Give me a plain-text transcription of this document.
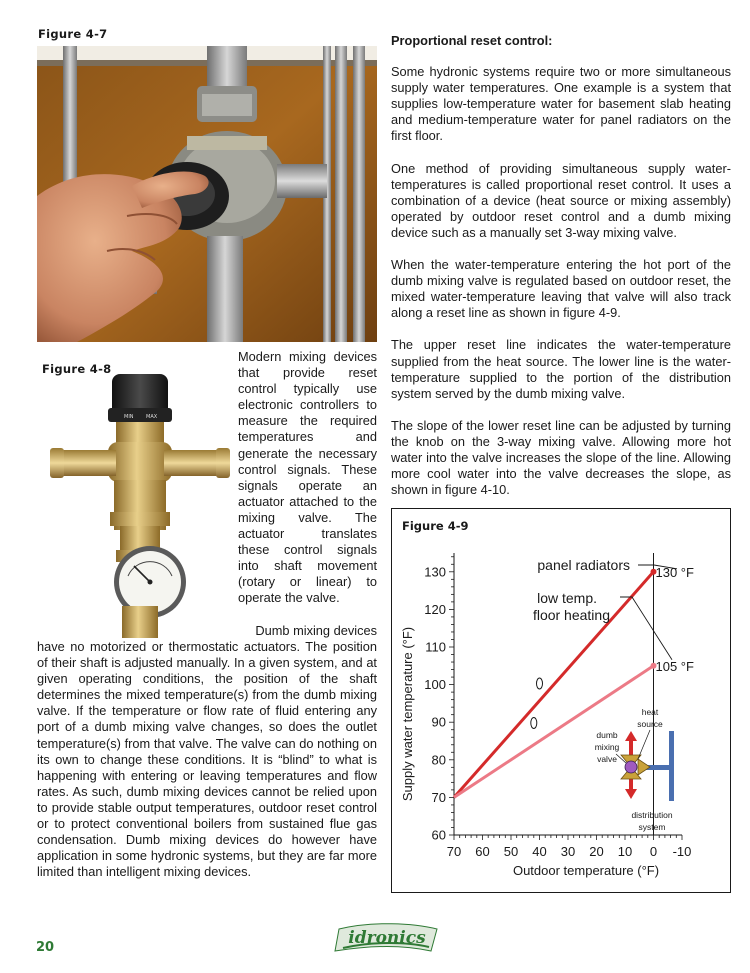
Figure 4-7
Figure 4-8
MIN MAX
Modern mixing devices that provide reset control typically use electronic controllers to measure the required temperatures and generate the necessary control signals. These signals operate an actuator attached to the mixing valve. The actuator translates these control signals into shaft movement (rotary or linear) to operate the valve.
Dumb mixing devices
have no motorized or thermostatic actuators. The position of their shaft is adjusted manually. In a given system, and at given operating conditions, the position of the shaft determines the mixed temperature(s) from the dumb mixing valve. If the temperature or flow rate of fluid entering any port of a dumb mixing valve changes, so does the outlet temperature(s) from that valve. The valve can do nothing on its own to change these conditions. It is “blind” to what is happening with entering or leaving temperatures and flow rates. As such, dumb mixing devices cannot be relied upon to provide stable output temperatures, outdoor reset control or to protect conventional boilers from sustained flue gas condensation. Dumb mixing devices do however have application in some hydronic systems, but they are far more limited than intelligent mixing devices.

Proportional reset control:

Some hydronic systems require two or more simultaneous supply water temperatures. One example is a system that supplies low-temperature water for basement slab heating and medium-temperature water for panel radiators on the first floor.

One method of providing simultaneous supply water-temperatures is called proportional reset control. It uses a combination of a device (heat source or mixing assembly) operated by outdoor reset control and a dumb mixing device such as a manually set 3-way mixing valve.

When the water-temperature entering the hot port of the dumb mixing valve is regulated based on outdoor reset, the mixed water-temperature leaving that valve will also track along a reset line as shown in figure 4-9.

The upper reset line indicates the water-temperature supplied from the heat source. The lower line is the water-temperature supplied to the portion of the distribution system served by the dumb mixing valve.

The slope of the lower reset line can be adjusted by turning the knob on the 3-way mixing valve. Allowing more hot water into the valve increases the slope of the line. Allowing more cool water into the valve decreases the slope, as shown in figure 4-10.

Figure 4-9
60
70
80
90
100
110
120
130
70 60 50 40 30 20 10 0 -10
Outdoor temperature (°F)
Supply water temperature (°F)
130 °F
105 °F
panel radiators
low temp.
floor heating
heat
source
dumb
mixing
valve
distribution
system
20	idronics
